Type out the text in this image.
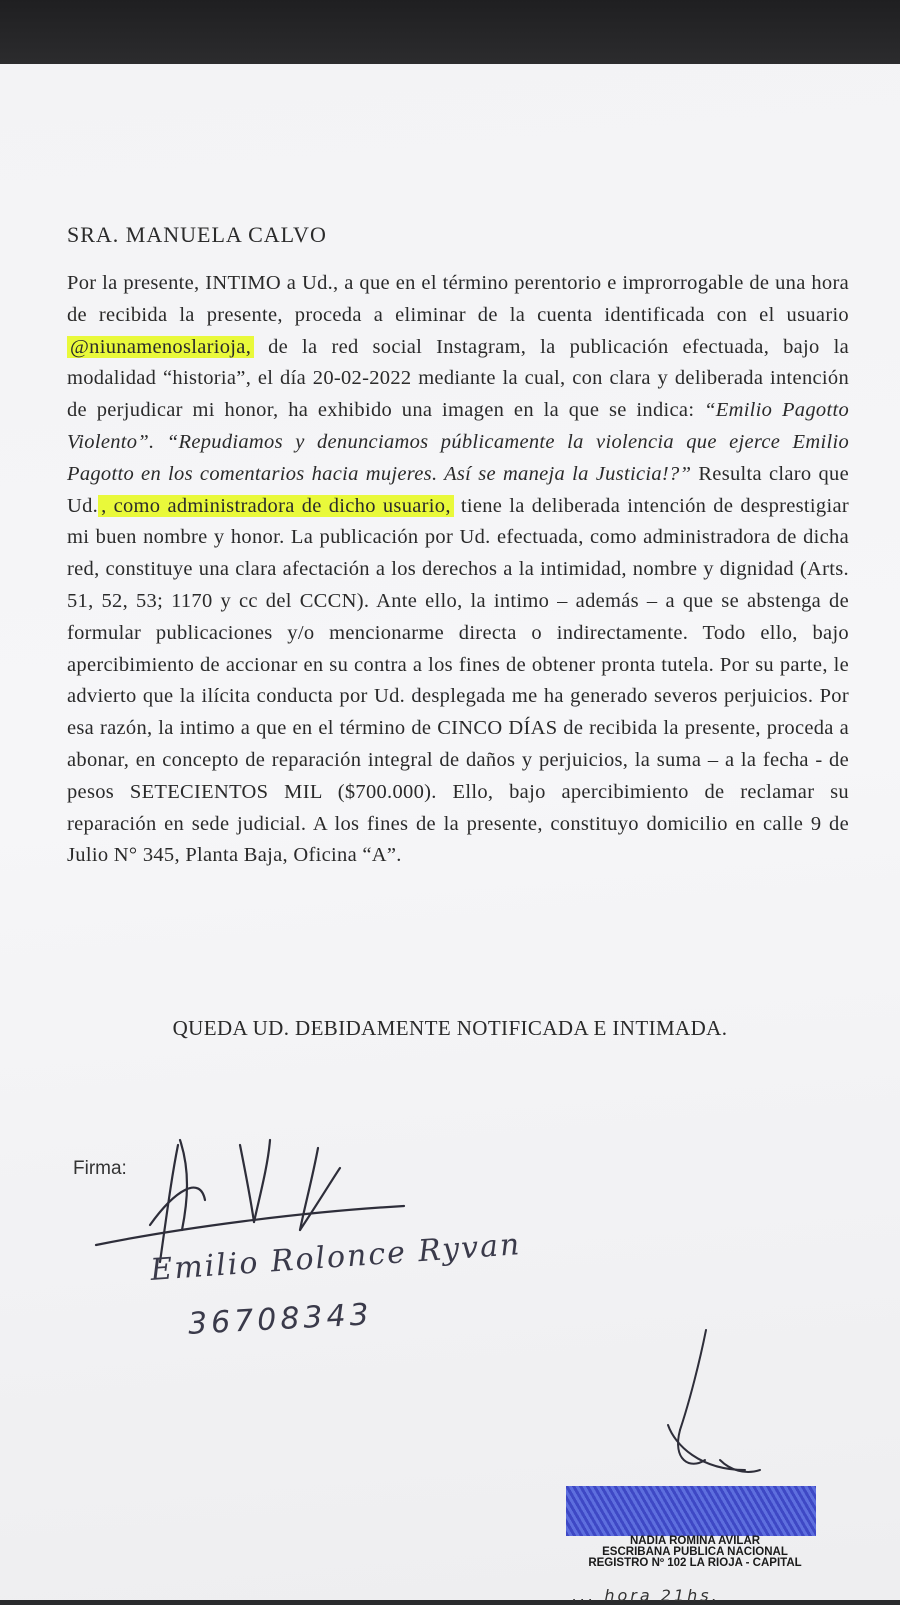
SRA. MANUELA CALVO
Por la presente, INTIMO a Ud., a que en el término perentorio e improrrogable de una hora de recibida la presente, proceda a eliminar de la cuenta identificada con el usuario @niunamenoslarioja, de la red social Instagram, la publicación efectuada, bajo la modalidad “historia”, el día 20-02-2022 mediante la cual, con clara y deliberada intención de perjudicar mi honor, ha exhibido una imagen en la que se indica: “Emilio Pagotto Violento”. “Repudiamos y denunciamos públicamente la violencia que ejerce Emilio Pagotto en los comentarios hacia mujeres. Así se maneja la Justicia!?” Resulta claro que Ud. , como administradora de dicho usuario, tiene la deliberada intención de desprestigiar mi buen nombre y honor. La publicación por Ud. efectuada, como administradora de dicha red, constituye una clara afectación a los derechos a la intimidad, nombre y dignidad (Arts. 51, 52, 53; 1170 y cc del CCCN). Ante ello, la intimo – además – a que se abstenga de formular publicaciones y/o mencionarme directa o indirectamente. Todo ello, bajo apercibimiento de accionar en su contra a los fines de obtener pronta tutela. Por su parte, le advierto que la ilícita conducta por Ud. desplegada me ha generado severos perjuicios. Por esa razón, la intimo a que en el término de CINCO DÍAS de recibida la presente, proceda a abonar, en concepto de reparación integral de daños y perjuicios, la suma – a la fecha - de pesos SETECIENTOS MIL ($700.000). Ello, bajo apercibimiento de reclamar su reparación en sede judicial. A los fines de la presente, constituyo domicilio en calle 9 de Julio N° 345, Planta Baja, Oficina “A”.
QUEDA UD. DEBIDAMENTE NOTIFICADA E INTIMADA.
Firma:
Emilio Rolonce Ryvan
36708343
NADIA ROMINA AVILAR
ESCRIBANA PUBLICA NACIONAL
REGISTRO Nº 102 LA RIOJA - CAPITAL
... hora 21hs.
